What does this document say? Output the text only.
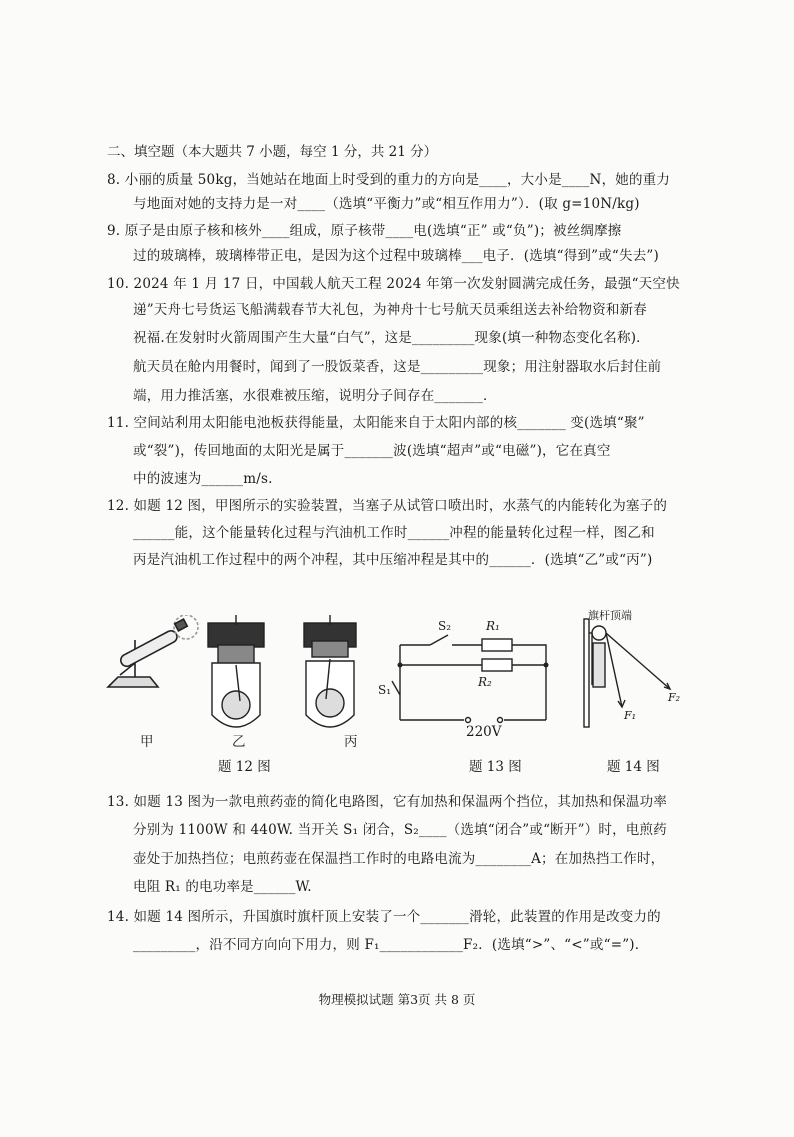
二、填空题（本大题共 7 小题，每空 1 分，共 21 分）
8. 小丽的质量 50kg，当她站在地面上时受到的重力的方向是____，大小是____N，她的重力
与地面对她的支持力是一对____（选填“平衡力”或“相互作用力”）．(取 g=10N/kg)
9. 原子是由原子核和核外____组成，原子核带____电(选填“正” 或“负”)；被丝绸摩擦
过的玻璃棒，玻璃棒带正电，是因为这个过程中玻璃棒___电子．(选填“得到”或“失去”)
10. 2024 年 1 月 17 日，中国载人航天工程 2024 年第一次发射圆满完成任务，最强“天空快
递”天舟七号货运飞船满载春节大礼包，为神舟十七号航天员乘组送去补给物资和新春
祝福.在发射时火箭周围产生大量“白气”，这是_________现象(填一种物态变化名称)．
航天员在舱内用餐时，闻到了一股饭菜香，这是_________现象；用注射器取水后封住前
端，用力推活塞，水很难被压缩，说明分子间存在_______．
11. 空间站利用太阳能电池板获得能量，太阳能来自于太阳内部的核_______ 变(选填“聚”
或“裂”)，传回地面的太阳光是属于_______波(选填“超声”或“电磁”)，它在真空
中的波速为______m/s.
12. 如题 12 图，甲图所示的实验装置，当塞子从试管口喷出时，水蒸气的内能转化为塞子的
______能，这个能量转化过程与汽油机工作时______冲程的能量转化过程一样，图乙和
丙是汽油机工作过程中的两个冲程，其中压缩冲程是其中的______．(选填“乙”或“丙”)
甲	乙	丙
题 12 图
S₂	R₁
R₂
S₁
220V
题 13 图
旗杆顶端
F₁
F₂
题 14 图
13. 如题 13 图为一款电煎药壶的简化电路图，它有加热和保温两个挡位，其加热和保温功率
分别为 1100W 和 440W. 当开关 S₁ 闭合，S₂____（选填“闭合”或“断开”）时，电煎药
壶处于加热挡位；电煎药壶在保温挡工作时的电路电流为________A；在加热挡工作时，
电阻 R₁ 的电功率是______W.
14. 如题 14 图所示，升国旗时旗杆顶上安装了一个_______滑轮，此装置的作用是改变力的
_________，沿不同方向向下用力，则 F₁____________F₂．(选填“>”、“<”或“=”)．
物理模拟试题 第3页 共 8 页
